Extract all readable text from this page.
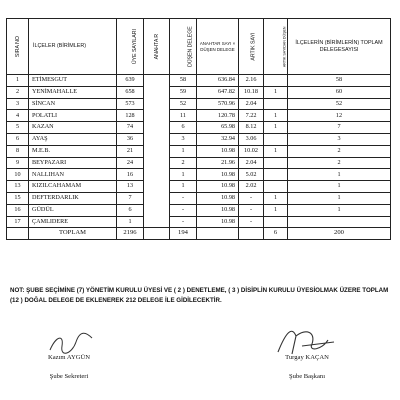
SIRA NO	İLÇELER (BİRİMLER)	ÜYE SAYILARI	ANAHTA R	DÜŞEN DELEGE	ANAHTAR SAYI × DÜŞEN DELEGE	ARTIK SAYI	ARTIK SAYIDAN DÜŞEN	İLÇELERİN (BİRİMLERİN) TOPLAM DELEGESAYISI
1	ETİMESGUT	639		58	636.84	2.16		58
2	YENİMAHALLE	658		59	647.82	10.18	1	60
3	SİNCAN	573		52	570.96	2.04		52
4	POLATLI	128		11	120.78	7.22	1	12
5	KAZAN	74		6	65.98	8.12	1	7
6	AYAŞ	36		3	32.94	3.06		3
8	M.E.B.	21		1	10.98	10.02	1	2
9	BEYPAZARI	24		2	21.96	2.04		2
10	NALLIHAN	16		1	10.98	5.02		1
13	KIZILCAHAMAM	13		1	10.98	2.02		1
15	DEFTERDARLIK	7		-	10.98	-	1	1
16	GÜDÜL	6		-	10.98	-	1	1
17	ÇAMLIDERE	1		-	10.98	-		
	TOPLAM	2196		194			6	200
NOT: ŞUBE SEÇİMİNE (7) YÖNETİM KURULU ÜYESİ VE ( 2 ) DENETLEME, ( 3 ) DİSİPLİN KURULU ÜYESİOLMAK ÜZERE TOPLAM (12 ) DOĞAL DELEGE DE EKLENEREK 212 DELEGE İLE GİDİLECEKTİR.
Kazım AYGÜN
Şube Sekreteri
Turgay KAÇAN
Şube Başkanı
